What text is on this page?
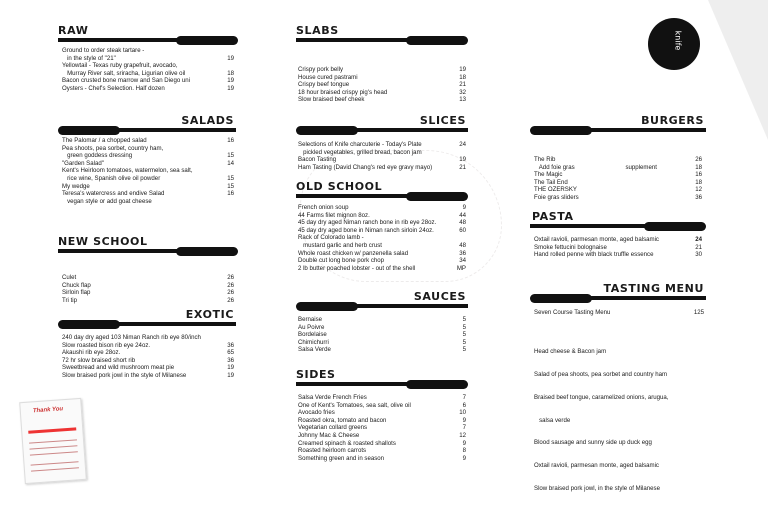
knife
RAW
Ground to order steak tartare -
in the style of "21"	19
Yellowtail - Texas ruby grapefruit, avocado,
Murray River salt, sriracha, Ligurian olive oil	18
Bacon crusted bone marrow and San Diego uni	19
Oysters - Chef's Selection. Half dozen	19
SALADS
The Palomar / a chopped salad	16
Pea shoots, pea sorbet, country ham,
green goddess dressing	15
"Garden Salad"	14
Kent's Heirloom tomatoes, watermelon, sea salt,
rice wine, Spanish olive oil powder	15
My wedge	15
Teresa's watercress and endive Salad	16
vegan style or add goat cheese
NEW SCHOOL
Culet	26
Chuck flap	26
Sirloin flap	26
Tri tip	26
EXOTIC
240 day dry aged 103 Niman Ranch rib eye 80/inch
Slow roasted bison rib eye 24oz.	36
Akaushi rib eye 28oz.	65
72 hr slow braised short rib	36
Sweetbread and wild mushroom meat pie	19
Slow braised pork jowl in the style of Milanese	19
Thank You
SLABS
Crispy pork belly	19
House cured pastrami	18
Crispy beef tongue	21
18 hour braised crispy pig's head	32
Slow braised beef cheek	13
SLICES
Selections of Knife charcuterie - Today's Plate	24
pickled vegetables, grilled bread, bacon jam
Bacon Tasting	19
Ham Tasting (David Chang's red eye gravy mayo)	21
OLD SCHOOL
French onion soup	9
44 Farms filet mignon 8oz.	44
45 day dry aged Niman ranch bone in rib eye 28oz.	48
45 day dry aged bone in Niman ranch sirloin 24oz.	60
Rack of Colorado lamb -
mustard garlic and herb crust	48
Whole roast chicken w/ panzenella salad	36
Double cut long bone pork chop	34
2 lb butter poached lobster - out of the shell	MP
SAUCES
Bernaise	5
Au Poivre	5
Bordelaise	5
Chimichurri	5
Salsa Verde	5
SIDES
Salsa Verde French Fries	7
One of Kent's Tomatoes, sea salt, olive oil	6
Avocado fries	10
Roasted okra, tomato and bacon	9
Vegetarian collard greens	7
Johnny Mac & Cheese	12
Creamed spinach & roasted shallots	9
Roasted heirloom carrots	8
Something green and in season	9
BURGERS
The Rib	26
Add foie gras                              supplement	18
The Magic	16
The Tail End	18
THE OZERSKY	12
Foie gras sliders	36
PASTA
Oxtail ravioli, parmesan monte, aged balsamic	24
Smoke fettucini bolognaise	21
Hand rolled penne with black truffle essence	30
TASTING MENU
Seven Course Tasting Menu	125

Head cheese & Bacon jam

Salad of pea shoots, pea sorbet and country ham

Braised beef tongue, caramelized onions, arugua,

salsa verde

Blood sausage and sunny side up duck egg

Oxtail ravioli, parmesan monte, aged balsamic

Slow braised pork jowl, in the style of Milanese
